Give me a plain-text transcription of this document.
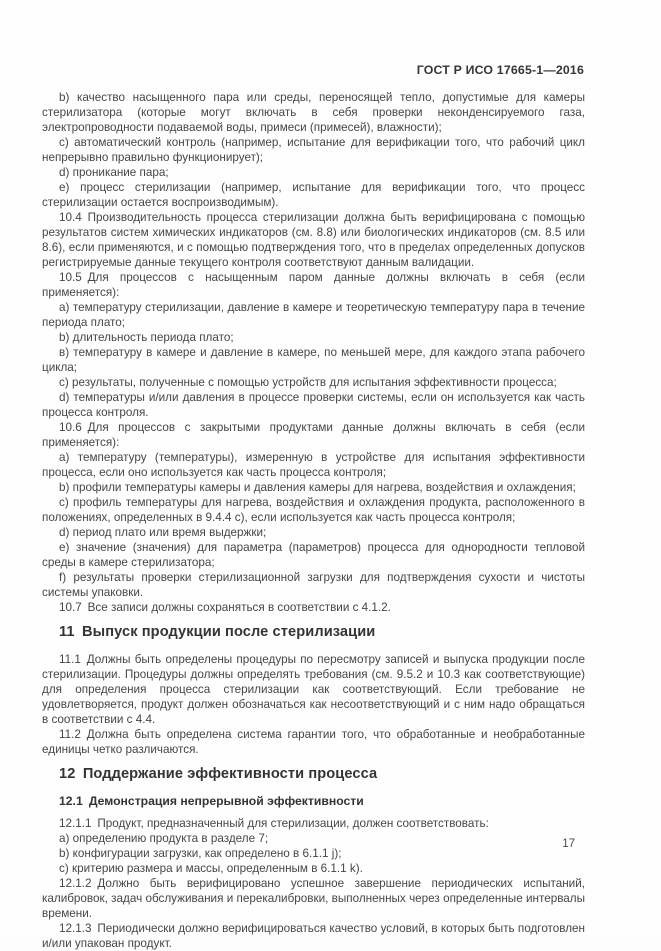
ГОСТ Р ИСО 17665-1—2016

b) качество насыщенного пара или среды, переносящей тепло, допустимые для камеры стерилизатора (которые могут включать в себя проверки неконденсируемого газа, электропроводности подаваемой воды, примеси (примесей), влажности);

c) автоматический контроль (например, испытание для верификации того, что рабочий цикл непрерывно правильно функционирует);

d) проникание пара;

e) процесс стерилизации (например, испытание для верификации того, что процесс стерилизации остается воспроизводимым).

10.4 Производительность процесса стерилизации должна быть верифицирована с помощью результатов систем химических индикаторов (см. 8.8) или биологических индикаторов (см. 8.5 или 8.6), если применяются, и с помощью подтверждения того, что в пределах определенных допусков регистрируемые данные текущего контроля соответствуют данным валидации.

10.5 Для процессов с насыщенным паром данные должны включать в себя (если применяется):

a) температуру стерилизации, давление в камере и теоретическую температуру пара в течение периода плато;

b) длительность периода плато;

в) температуру в камере и давление в камере, по меньшей мере, для каждого этапа рабочего цикла;

c) результаты, полученные с помощью устройств для испытания эффективности процесса;

d) температуры и/или давления в процессе проверки системы, если он используется как часть процесса контроля.

10.6 Для процессов с закрытыми продуктами данные должны включать в себя (если применяется):

a) температуру (температуры), измеренную в устройстве для испытания эффективности процесса, если оно используется как часть процесса контроля;

b) профили температуры камеры и давления камеры для нагрева, воздействия и охлаждения;

c) профиль температуры для нагрева, воздействия и охлаждения продукта, расположенного в положениях, определенных в 9.4.4 c), если используется как часть процесса контроля;

d) период плато или время выдержки;

e) значение (значения) для параметра (параметров) процесса для однородности тепловой среды в камере стерилизатора;

f) результаты проверки стерилизационной загрузки для подтверждения сухости и чистоты системы упаковки.

10.7 Все записи должны сохраняться в соответствии с 4.1.2.

11 Выпуск продукции после стерилизации

11.1 Должны быть определены процедуры по пересмотру записей и выпуска продукции после стерилизации. Процедуры должны определять требования (см. 9.5.2 и 10.3 как соответствующие) для определения процесса стерилизации как соответствующий. Если требование не удовлетворяется, продукт должен обозначаться как несоответствующий и с ним надо обращаться в соответствии с 4.4.

11.2 Должна быть определена система гарантии того, что обработанные и необработанные единицы четко различаются.

12 Поддержание эффективности процесса
12.1 Демонстрация непрерывной эффективности

12.1.1 Продукт, предназначенный для стерилизации, должен соответствовать:

a) определению продукта в разделе 7;

b) конфигурации загрузки, как определено в 6.1.1 j);

c) критерию размера и массы, определенным в 6.1.1 k).

12.1.2 Должно быть верифицировано успешное завершение периодических испытаний, калибровок, задач обслуживания и перекалибровки, выполненных через определенные интервалы времени.

12.1.3 Периодически должно верифицироваться качество условий, в которых быть подготовлен и/или упакован продукт.

17
